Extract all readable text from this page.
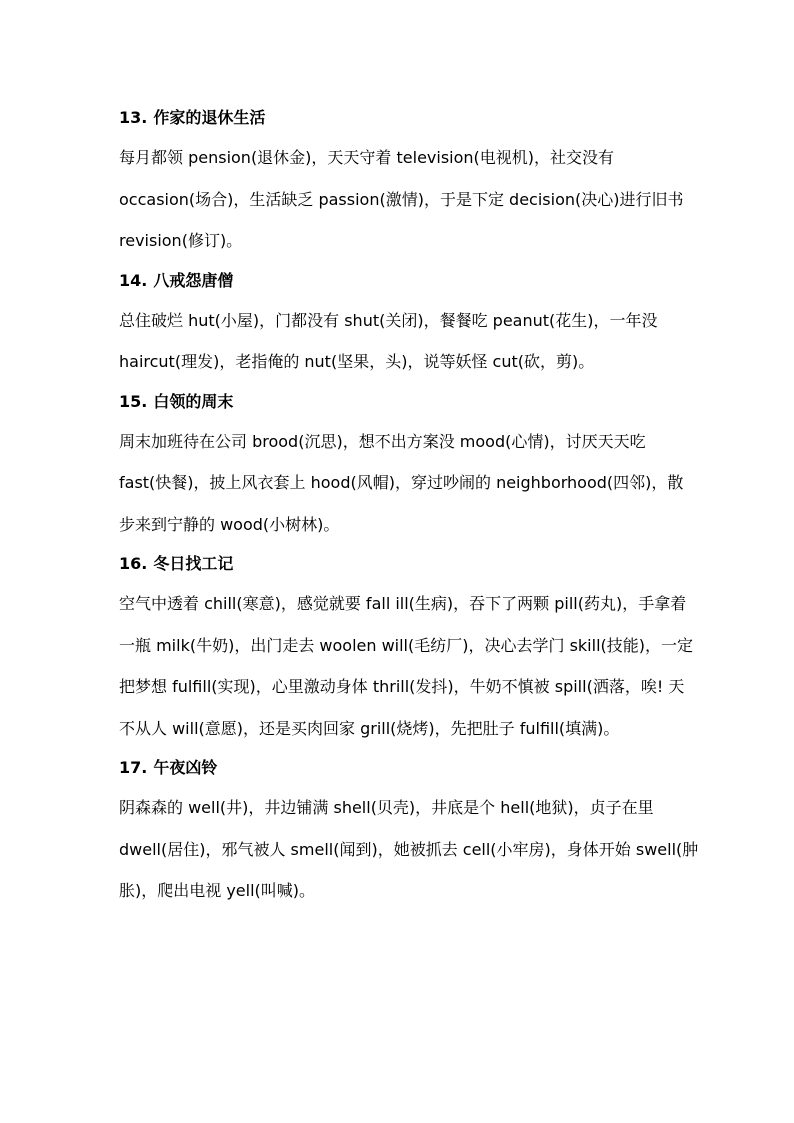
13. 作家的退休生活

每月都领 pension(退休金)，天天守着 television(电视机)，社交没有 occasion(场合)，生活缺乏 passion(激情)，于是下定 decision(决心)进行旧书 revision(修订)。

14. 八戒怨唐僧

总住破烂 hut(小屋)，门都没有 shut(关闭)，餐餐吃 peanut(花生)，一年没 haircut(理发)，老指俺的 nut(坚果，头)，说等妖怪 cut(砍，剪)。

15. 白领的周末

周末加班待在公司 brood(沉思)，想不出方案没 mood(心情)，讨厌天天吃 fast(快餐)，披上风衣套上 hood(风帽)，穿过吵闹的 neighborhood(四邻)，散步来到宁静的 wood(小树林)。

16. 冬日找工记

空气中透着 chill(寒意)，感觉就要 fall ill(生病)，吞下了两颗 pill(药丸)，手拿着一瓶 milk(牛奶)，出门走去 woolen will(毛纺厂)，决心去学门 skill(技能)，一定把梦想 fulfill(实现)，心里激动身体 thrill(发抖)，牛奶不慎被 spill(洒落，唉! 天不从人 will(意愿)，还是买肉回家 grill(烧烤)，先把肚子 fulfill(填满)。

17. 午夜凶铃

阴森森的 well(井)，井边铺满 shell(贝壳)，井底是个 hell(地狱)，贞子在里 dwell(居住)，邪气被人 smell(闻到)，她被抓去 cell(小牢房)，身体开始 swell(肿胀)，爬出电视 yell(叫喊)。
